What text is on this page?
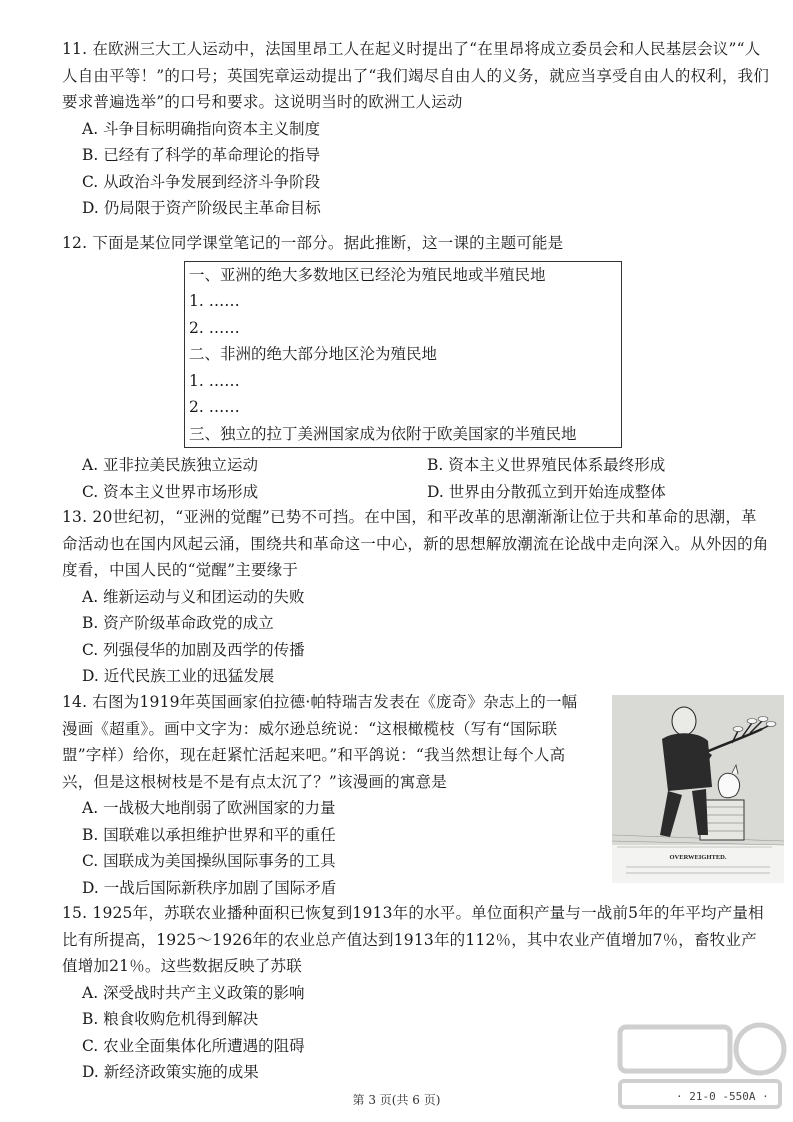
11. 在欧洲三大工人运动中，法国里昂工人在起义时提出了“在里昂将成立委员会和人民基层会议”“人人自由平等！”的口号；英国宪章运动提出了“我们竭尽自由人的义务，就应当享受自由人的权利，我们要求普遍选举”的口号和要求。这说明当时的欧洲工人运动

A. 斗争目标明确指向资本主义制度

B. 已经有了科学的革命理论的指导

C. 从政治斗争发展到经济斗争阶段

D. 仍局限于资产阶级民主革命目标

12. 下面是某位同学课堂笔记的一部分。据此推断，这一课的主题可能是

一、亚洲的绝大多数地区已经沦为殖民地或半殖民地
1. ……
2. ……
二、非洲的绝大部分地区沦为殖民地
1. ……
2. ……
三、独立的拉丁美洲国家成为依附于欧美国家的半殖民地

A. 亚非拉美民族独立运动	B. 资本主义世界殖民体系最终形成

C. 资本主义世界市场形成	D. 世界由分散孤立到开始连成整体

13. 20世纪初，“亚洲的觉醒”已势不可挡。在中国，和平改革的思潮渐渐让位于共和革命的思潮，革命活动也在国内风起云涌，围绕共和革命这一中心，新的思想解放潮流在论战中走向深入。从外因的角度看，中国人民的“觉醒”主要缘于

A. 维新运动与义和团运动的失败

B. 资产阶级革命政党的成立

C. 列强侵华的加剧及西学的传播

D. 近代民族工业的迅猛发展

14. 右图为1919年英国画家伯拉德·帕特瑞吉发表在《庞奇》杂志上的一幅漫画《超重》。画中文字为：威尔逊总统说：“这根橄榄枝（写有“国际联盟”字样）给你，现在赶紧忙活起来吧。”和平鸽说：“我当然想让每个人高兴，但是这根树枝是不是有点太沉了？”该漫画的寓意是

A. 一战极大地削弱了欧洲国家的力量

B. 国联难以承担维护世界和平的重任

C. 国联成为美国操纵国际事务的工具

D. 一战后国际新秩序加剧了国际矛盾

OVERWEIGHTED.

15. 1925年，苏联农业播种面积已恢复到1913年的水平。单位面积产量与一战前5年的年平均产量相比有所提高，1925～1926年的农业总产值达到1913年的112％，其中农业产值增加7％，畜牧业产值增加21％。这些数据反映了苏联

A. 深受战时共产主义政策的影响

B. 粮食收购危机得到解决

C. 农业全面集体化所遭遇的阻碍

D. 新经济政策实施的成果

第 3 页(共 6 页)	· 21-0 -550A ·
